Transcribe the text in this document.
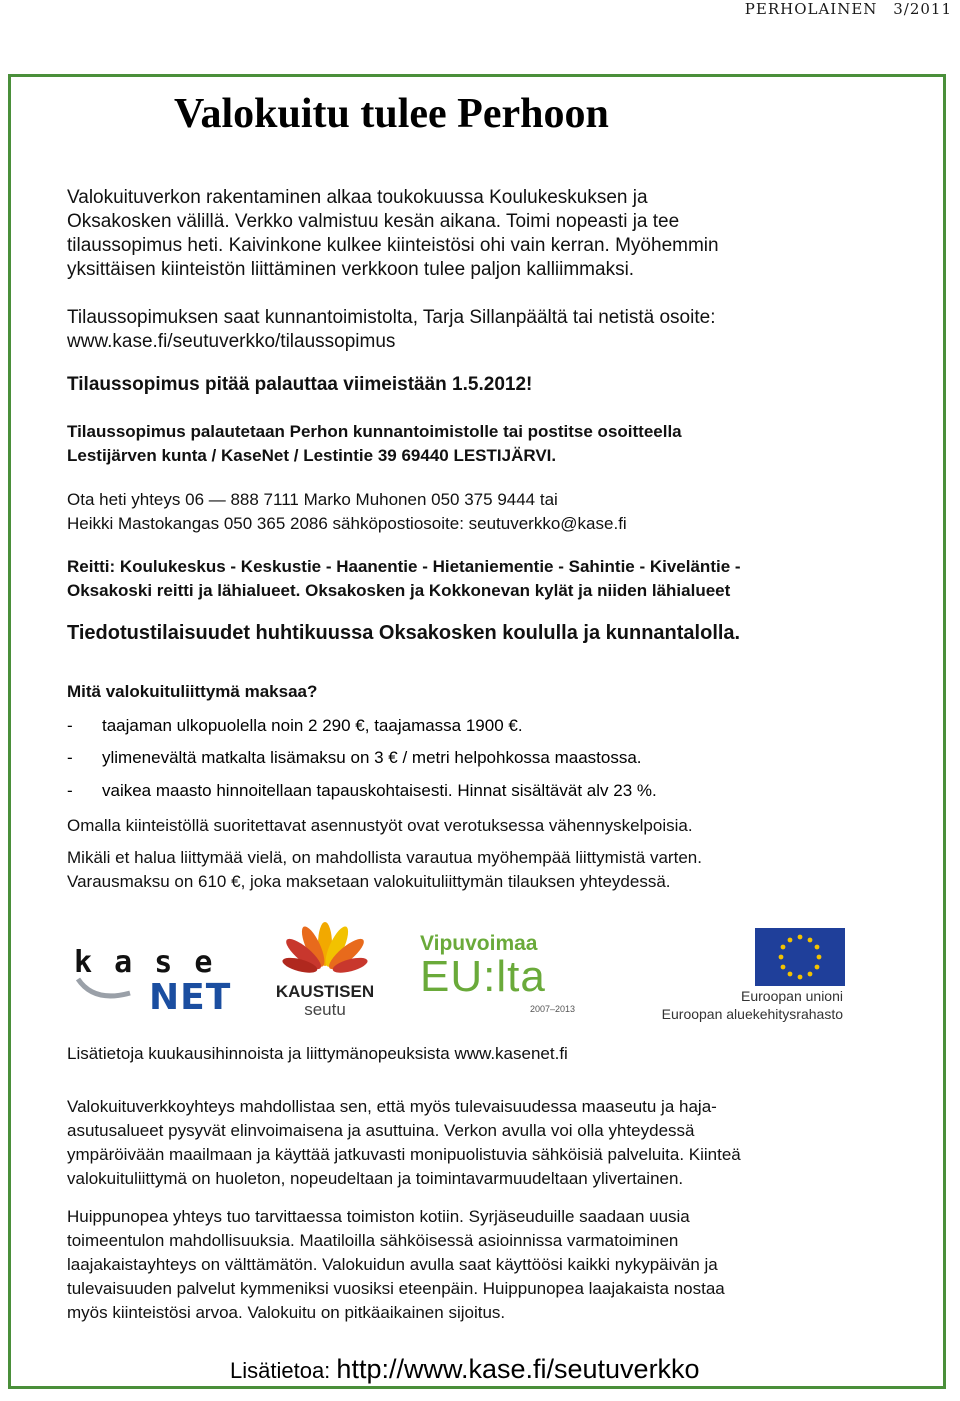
PERHOLAINEN 3/2011
Valokuitu tulee Perhoon
Valokuituverkon rakentaminen alkaa toukokuussa Koulukeskuksen ja
Oksakosken välillä. Verkko valmistuu kesän aikana. Toimi nopeasti ja tee
tilaussopimus heti. Kaivinkone kulkee kiinteistösi ohi vain kerran. Myöhemmin
yksittäisen kiinteistön liittäminen verkkoon tulee paljon kalliimmaksi.
Tilaussopimuksen saat kunnantoimistolta, Tarja Sillanpäältä tai netistä osoite:
www.kase.fi/seutuverkko/tilaussopimus
Tilaussopimus pitää palauttaa viimeistään 1.5.2012!
Tilaussopimus palautetaan Perhon kunnantoimistolle tai postitse osoitteella
Lestijärven kunta / KaseNet / Lestintie 39 69440 LESTIJÄRVI.
Ota heti yhteys 06 — 888 7111 Marko Muhonen 050 375 9444 tai
Heikki Mastokangas 050 365 2086 sähköpostiosoite: seutuverkko@kase.fi
Reitti: Koulukeskus - Keskustie - Haanentie - Hietaniementie - Sahintie - Kiveläntie -
Oksakoski reitti ja lähialueet. Oksakosken ja Kokkonevan kylät ja niiden lähialueet
Tiedotustilaisuudet huhtikuussa Oksakosken koululla ja kunnantalolla.
Mitä valokuituliittymä maksaa?
- taajaman ulkopuolella noin 2 290 €, taajamassa 1900 €.
- ylimenevältä matkalta lisämaksu on 3 € / metri helpohkossa maastossa.
- vaikea maasto hinnoitellaan tapauskohtaisesti. Hinnat sisältävät alv 23 %.
Omalla kiinteistöllä suoritettavat asennustyöt ovat verotuksessa vähennyskelpoisia.
Mikäli et halua liittymää vielä, on mahdollista varautua myöhempää liittymistä varten.
Varausmaksu on 610 €, joka maksetaan valokuituliittymän tilauksen yhteydessä.
k a s e
NET	KAUSTISEN
seutu
Vipuvoimaa
EU:lta
2007–2013
Euroopan unioni
Euroopan aluekehitysrahasto
Lisätietoja kuukausihinnoista ja liittymänopeuksista www.kasenet.fi
Valokuituverkkoyhteys mahdollistaa sen, että myös tulevaisuudessa maaseutu ja haja-
asutusalueet pysyvät elinvoimaisena ja asuttuina. Verkon avulla voi olla yhteydessä
ympäröivään maailmaan ja käyttää jatkuvasti monipuolistuvia sähköisiä palveluita. Kiinteä
valokuituliittymä on huoleton, nopeudeltaan ja toimintavarmuudeltaan ylivertainen.
Huippunopea yhteys tuo tarvittaessa toimiston kotiin. Syrjäseuduille saadaan uusia
toimeentulon mahdollisuuksia. Maatiloilla sähköisessä asioinnissa varmatoiminen
laajakaistayhteys on välttämätön. Valokuidun avulla saat käyttöösi kaikki nykypäivän ja
tulevaisuuden palvelut kymmeniksi vuosiksi eteenpäin. Huippunopea laajakaista nostaa
myös kiinteistösi arvoa. Valokuitu on pitkäaikainen sijoitus.
Lisätietoa: http://www.kase.fi/seutuverkko
